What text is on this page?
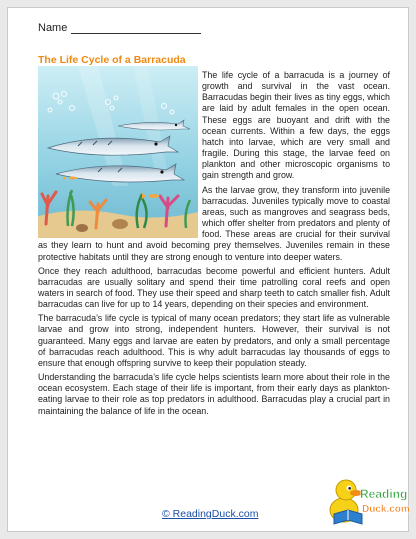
Name
The Life Cycle of a Barracuda

The life cycle of a barracuda is a journey of growth and survival in the vast ocean. Barracudas begin their lives as tiny eggs, which are laid by adult females in the open ocean. These eggs are buoyant and drift with the ocean currents. Within a few days, the eggs hatch into larvae, which are very small and fragile. During this stage, the larvae feed on plankton and other microscopic organisms to gain strength and grow.

As the larvae grow, they transform into juvenile barracudas. Juveniles typically move to coastal areas, such as mangroves and seagrass beds, which offer shelter from predators and plenty of food. These areas are crucial for their survival as they learn to hunt and avoid becoming prey themselves. Juveniles remain in these protective habitats until they are strong enough to venture into deeper waters.

Once they reach adulthood, barracudas become powerful and efficient hunters. Adult barracudas are usually solitary and spend their time patrolling coral reefs and open waters in search of food. They use their speed and sharp teeth to catch smaller fish. Adult barracudas can live for up to 14 years, depending on their species and environment.

The barracuda’s life cycle is typical of many ocean predators; they start life as vulnerable larvae and grow into strong, independent hunters. However, their survival is not guaranteed. Many eggs and larvae are eaten by predators, and only a small percentage of barracudas reach adulthood. This is why adult barracudas lay thousands of eggs to ensure that enough offspring survive to keep their population steady.

Understanding the barracuda’s life cycle helps scientists learn more about their role in the ocean ecosystem. Each stage of their life is important, from their early days as plankton-eating larvae to their role as top predators in adulthood. Barracudas play a crucial part in maintaining the balance of life in the ocean.

© ReadingDuck.com
Reading
Duck.com
